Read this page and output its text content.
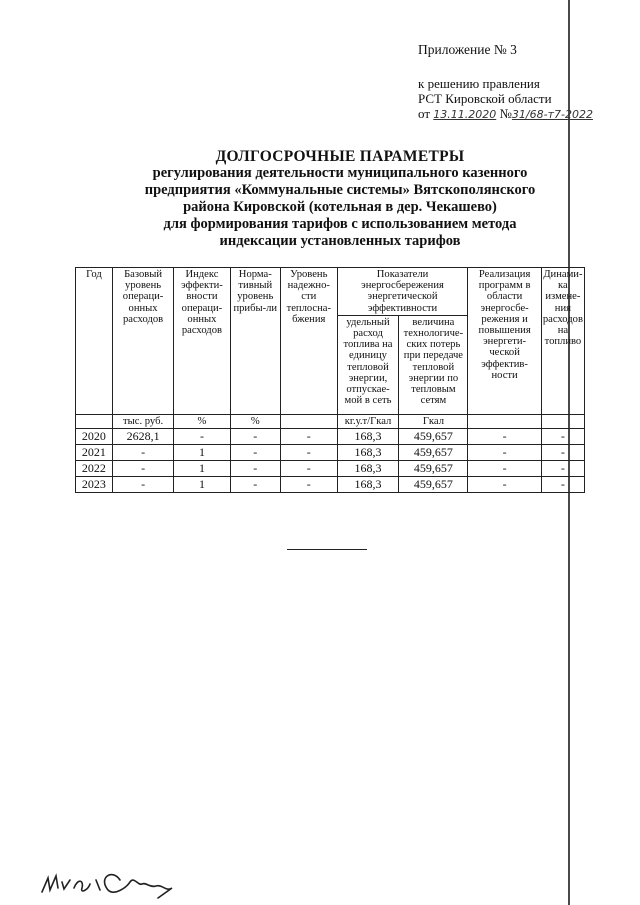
Приложение № 3
к решению правления
РСТ Кировской области
от 13.11.2020 №31/68-т7-2022
ДОЛГОСРОЧНЫЕ ПАРАМЕТРЫ
регулирования деятельности муниципального казенного
предприятия «Коммунальные системы» Вятскополянского
района Кировской (котельная в дер. Чекашево)
для формирования тарифов с использованием метода
индексации установленных тарифов
Год	Базовый уровень операци-онных расходов	Индекс эффекти-вности операци-онных расходов	Норма-тивный уровень прибы-ли	Уровень надежно-сти теплосна-бжения	Показатели энергосбережения энергетической эффективности		Реализация программ в области энергосбе-режения и повышения энергети-ческой эффектив-ности	Динами-ка измене-ния расходов на топливо
					удельный расход топлива на единицу тепловой энергии, отпускае-мой в сеть	величина технологиче-ских потерь при передаче тепловой энергии по тепловым сетям		
	тыс. руб.	%	%		кг.у.т/Гкал	Гкал		
2020	2628,1	-	-	-	168,3	459,657	-	-
2021	-	1	-	-	168,3	459,657	-	-
2022	-	1	-	-	168,3	459,657	-	-
2023	-	1	-	-	168,3	459,657	-	-
